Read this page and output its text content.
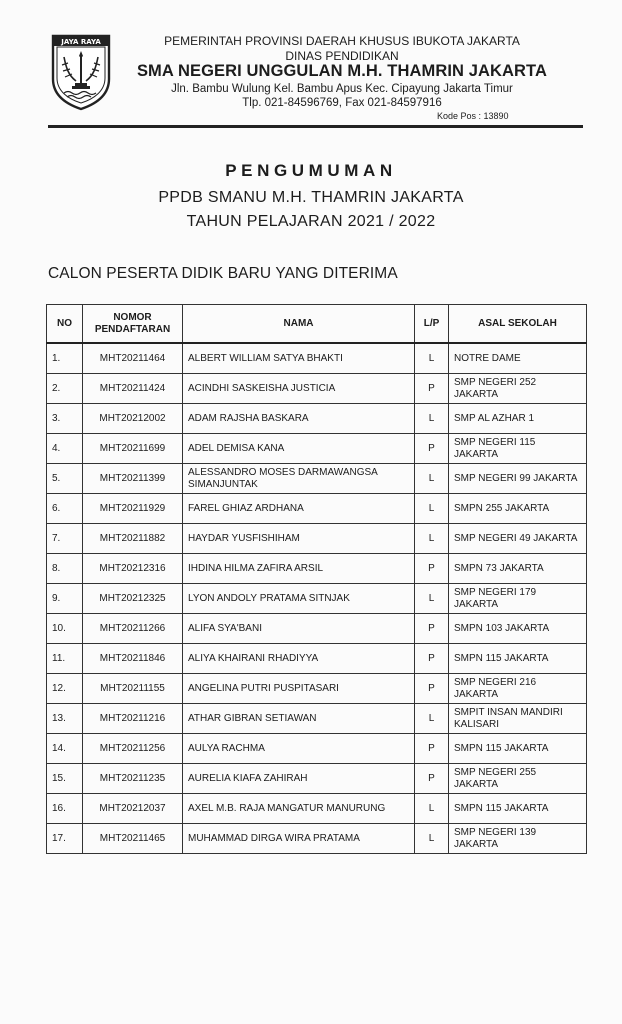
JAYA RAYA	PEMERINTAH PROVINSI DAERAH KHUSUS IBUKOTA JAKARTA
DINAS PENDIDIKAN
SMA NEGERI UNGGULAN M.H. THAMRIN JAKARTA
Jln. Bambu Wulung Kel. Bambu Apus Kec. Cipayung Jakarta Timur
Tlp. 021-84596769, Fax 021-84597916
Kode Pos : 13890
PENGUMUMAN
PPDB SMANU M.H. THAMRIN JAKARTA
TAHUN PELAJARAN 2021 / 2022
CALON PESERTA DIDIK BARU YANG DITERIMA
NO	NOMOR PENDAFTARAN	NAMA	L/P	ASAL SEKOLAH
1.	MHT20211464	ALBERT WILLIAM SATYA BHAKTI	L	NOTRE DAME
2.	MHT20211424	ACINDHI SASKEISHA JUSTICIA	P	SMP NEGERI 252 JAKARTA
3.	MHT20212002	ADAM RAJSHA BASKARA	L	SMP AL AZHAR 1
4.	MHT20211699	ADEL DEMISA KANA	P	SMP NEGERI 115 JAKARTA
5.	MHT20211399	ALESSANDRO MOSES DARMAWANGSA SIMANJUNTAK	L	SMP NEGERI 99 JAKARTA
6.	MHT20211929	FAREL GHIAZ ARDHANA	L	SMPN 255 JAKARTA
7.	MHT20211882	HAYDAR YUSFISHIHAM	L	SMP NEGERI 49 JAKARTA
8.	MHT20212316	IHDINA HILMA ZAFIRA ARSIL	P	SMPN 73 JAKARTA
9.	MHT20212325	LYON ANDOLY PRATAMA SITNJAK	L	SMP NEGERI 179 JAKARTA
10.	MHT20211266	ALIFA SYA'BANI	P	SMPN 103 JAKARTA
11.	MHT20211846	ALIYA KHAIRANI RHADIYYA	P	SMPN 115 JAKARTA
12.	MHT20211155	ANGELINA PUTRI PUSPITASARI	P	SMP NEGERI 216 JAKARTA
13.	MHT20211216	ATHAR GIBRAN SETIAWAN	L	SMPIT INSAN MANDIRI KALISARI
14.	MHT20211256	AULYA RACHMA	P	SMPN 115 JAKARTA
15.	MHT20211235	AURELIA KIAFA ZAHIRAH	P	SMP NEGERI 255 JAKARTA
16.	MHT20212037	AXEL M.B. RAJA MANGATUR MANURUNG	L	SMPN 115 JAKARTA
17.	MHT20211465	MUHAMMAD DIRGA WIRA PRATAMA	L	SMP NEGERI 139 JAKARTA
